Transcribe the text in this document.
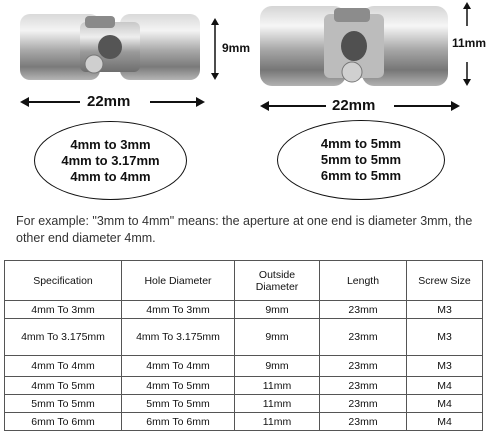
9mm
22mm
4mm to 3mm
4mm to 3.17mm
4mm to 4mm
11mm
22mm
4mm to 5mm
5mm to 5mm
6mm to 5mm
For example: "3mm to 4mm" means: the aperture at one end is diameter 3mm, the other end diameter 4mm.
Specification	Hole Diameter	Outside Diameter	Length	Screw Size
4mm To 3mm	4mm To 3mm	9mm	23mm	M3
4mm To 3.175mm	4mm To 3.175mm	9mm	23mm	M3
4mm To 4mm	4mm To 4mm	9mm	23mm	M3
4mm To 5mm	4mm To 5mm	11mm	23mm	M4
5mm To 5mm	5mm To 5mm	11mm	23mm	M4
6mm To 6mm	6mm To 6mm	11mm	23mm	M4
